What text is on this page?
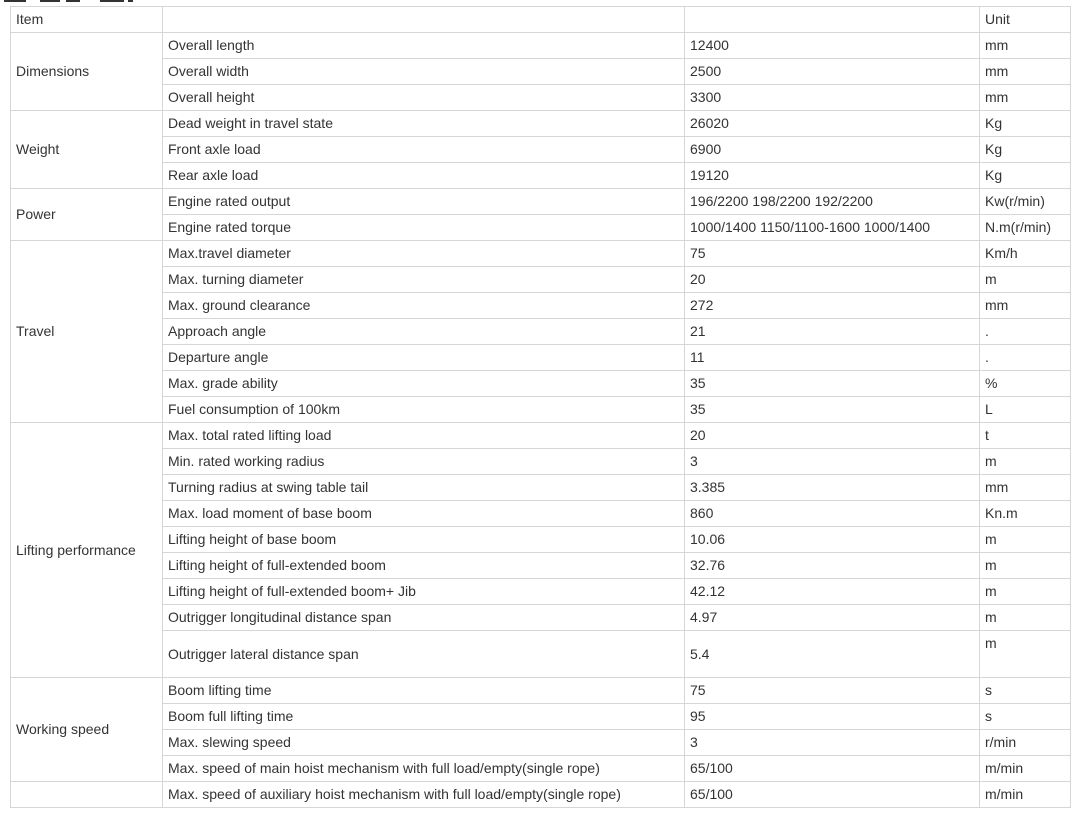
Item			Unit
Dimensions	Overall length	12400	mm
	Overall width	2500	mm
	Overall height	3300	mm
Weight	Dead weight in travel state	26020	Kg
	Front axle load	6900	Kg
	Rear axle load	19120	Kg
Power	Engine rated output	196/2200 198/2200 192/2200	Kw(r/min)
	Engine rated torque	1000/1400 1150/1100-1600 1000/1400	N.m(r/min)
Travel	Max.travel diameter	75	Km/h
	Max. turning diameter	20	m
	Max. ground clearance	272	mm
	Approach angle	21	.
	Departure angle	11	.
	Max. grade ability	35	%
	Fuel consumption of 100km	35	L
Lifting performance	Max. total rated lifting load	20	t
	Min. rated working radius	3	m
	Turning radius at swing table tail	3.385	mm
	Max. load moment of base boom	860	Kn.m
	Lifting height of base boom	10.06	m
	Lifting height of full-extended boom	32.76	m
	Lifting height of full-extended boom+ Jib	42.12	m
	Outrigger longitudinal distance span	4.97	m
	Outrigger lateral distance span	5.4	m
Working speed	Boom lifting time	75	s
	Boom full lifting time	95	s
	Max. slewing speed	3	r/min
	Max. speed of main hoist mechanism with full load/empty(single rope)	65/100	m/min
	Max. speed of auxiliary hoist mechanism with full load/empty(single rope)	65/100	m/min
